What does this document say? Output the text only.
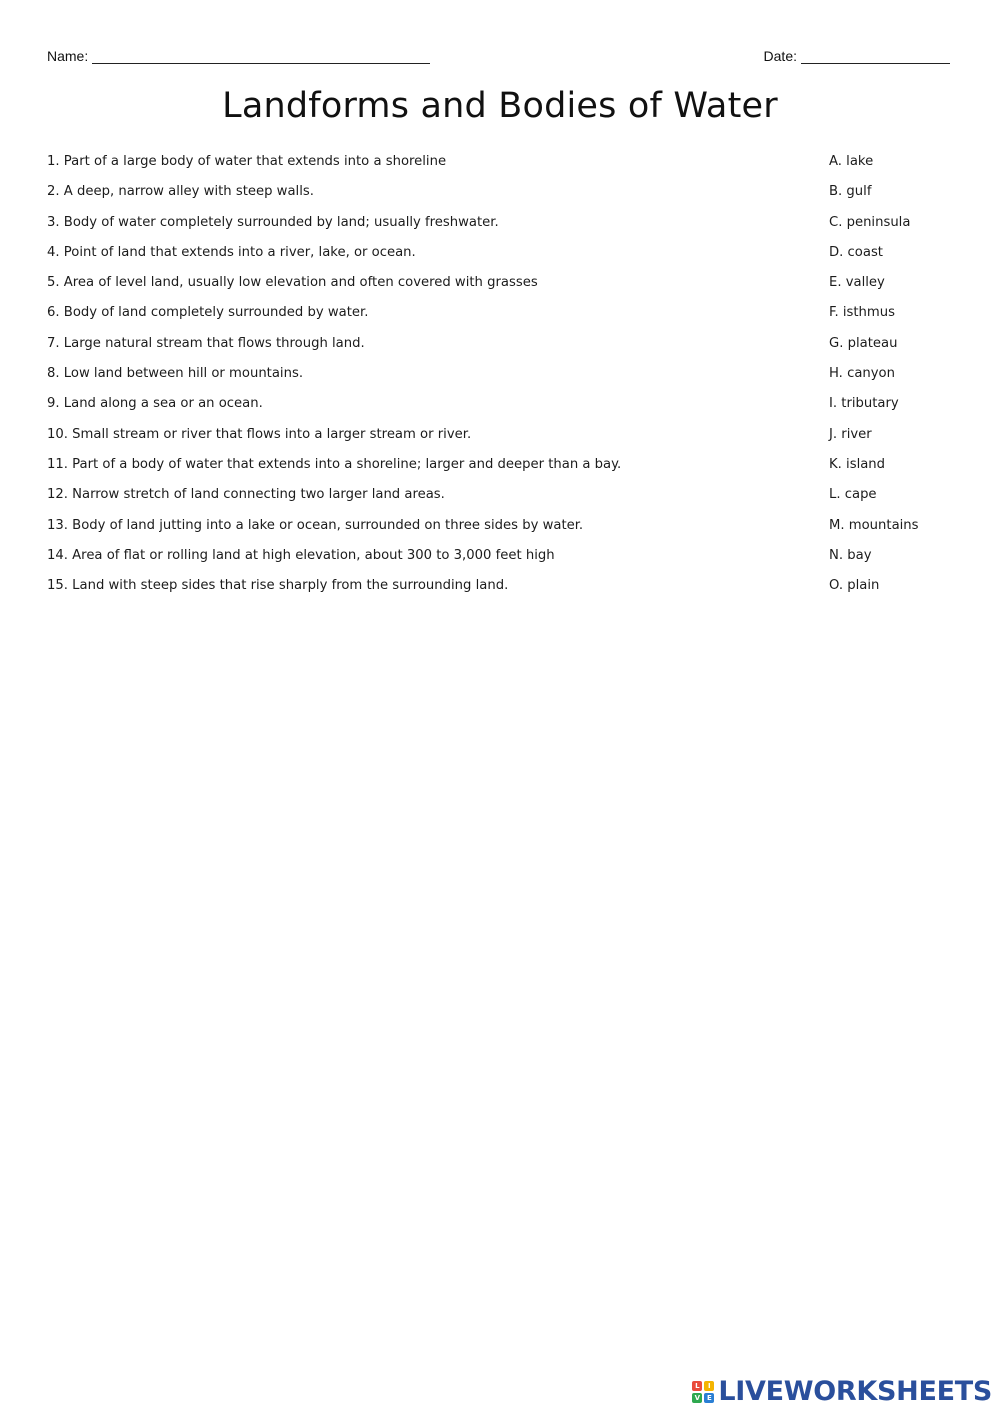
Name:	Date:
Landforms and Bodies of Water
1. Part of a large body of water that extends into a shoreline
2. A deep, narrow alley with steep walls.
3. Body of water completely surrounded by land; usually freshwater.
4. Point of land that extends into a river, lake, or ocean.
5. Area of level land, usually low elevation and often covered with grasses
6. Body of land completely surrounded by water.
7. Large natural stream that flows through land.
8. Low land between hill or mountains.
9. Land along a sea or an ocean.
10. Small stream or river that flows into a larger stream or river.
11. Part of a body of water that extends into a shoreline; larger and deeper than a bay.
12. Narrow stretch of land connecting two larger land areas.
13. Body of land jutting into a lake or ocean, surrounded on three sides by water.
14. Area of flat or rolling land at high elevation, about 300 to 3,000 feet high
15. Land with steep sides that rise sharply from the surrounding land.
A. lake
B. gulf
C. peninsula
D. coast
E. valley
F. isthmus
G. plateau
H. canyon
I. tributary
J. river
K. island
L. cape
M. mountains
N. bay
O. plain
L	I
V E LIVEWORKSHEETS
